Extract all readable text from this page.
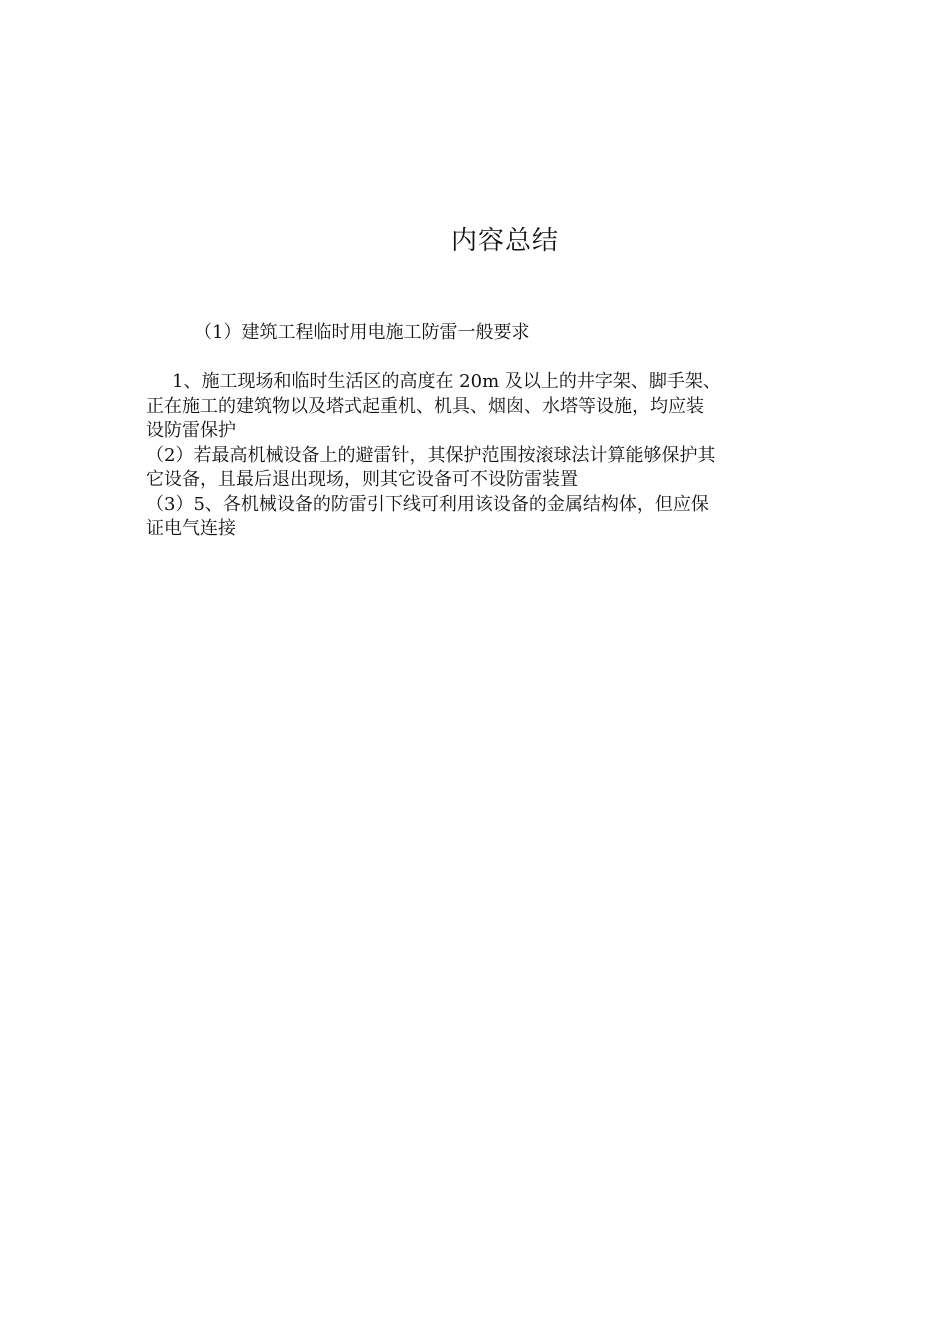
内容总结
（1）建筑工程临时用电施工防雷一般要求
1、施工现场和临时生活区的高度在 20m 及以上的井字架、脚手架、
正在施工的建筑物以及塔式起重机、机具、烟囱、水塔等设施，均应装
设防雷保护
（2）若最高机械设备上的避雷针，其保护范围按滚球法计算能够保护其
它设备，且最后退出现场，则其它设备可不设防雷装置
（3）5、各机械设备的防雷引下线可利用该设备的金属结构体，但应保
证电气连接
